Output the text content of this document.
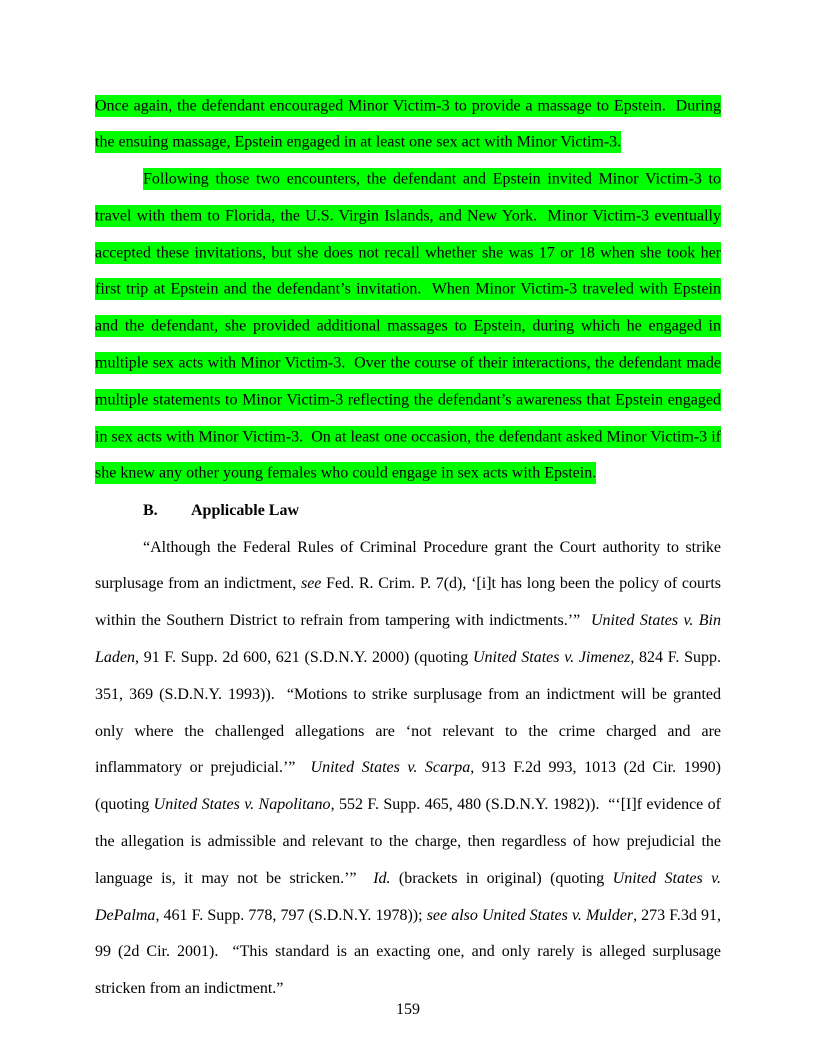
Once again, the defendant encouraged Minor Victim-3 to provide a massage to Epstein.  During the ensuing massage, Epstein engaged in at least one sex act with Minor Victim-3.

Following those two encounters, the defendant and Epstein invited Minor Victim-3 to travel with them to Florida, the U.S. Virgin Islands, and New York.  Minor Victim-3 eventually accepted these invitations, but she does not recall whether she was 17 or 18 when she took her first trip at Epstein and the defendant’s invitation.  When Minor Victim-3 traveled with Epstein and the defendant, she provided additional massages to Epstein, during which he engaged in multiple sex acts with Minor Victim-3.  Over the course of their interactions, the defendant made multiple statements to Minor Victim-3 reflecting the defendant’s awareness that Epstein engaged in sex acts with Minor Victim-3.  On at least one occasion, the defendant asked Minor Victim-3 if she knew any other young females who could engage in sex acts with Epstein.

B. Applicable Law

“Although the Federal Rules of Criminal Procedure grant the Court authority to strike surplusage from an indictment, see Fed. R. Crim. P. 7(d), ‘[i]t has long been the policy of courts within the Southern District to refrain from tampering with indictments.’”  United States v. Bin Laden, 91 F. Supp. 2d 600, 621 (S.D.N.Y. 2000) (quoting United States v. Jimenez, 824 F. Supp. 351, 369 (S.D.N.Y. 1993)).  “Motions to strike surplusage from an indictment will be granted only where the challenged allegations are ‘not relevant to the crime charged and are inflammatory or prejudicial.’”  United States v. Scarpa, 913 F.2d 993, 1013 (2d Cir. 1990) (quoting United States v. Napolitano, 552 F. Supp. 465, 480 (S.D.N.Y. 1982)).  “‘[I]f evidence of the allegation is admissible and relevant to the charge, then regardless of how prejudicial the language is, it may not be stricken.’”  Id. (brackets in original) (quoting United States v. DePalma, 461 F. Supp. 778, 797 (S.D.N.Y. 1978)); see also United States v. Mulder, 273 F.3d 91, 99 (2d Cir. 2001).  “This standard is an exacting one, and only rarely is alleged surplusage stricken from an indictment.”

159
